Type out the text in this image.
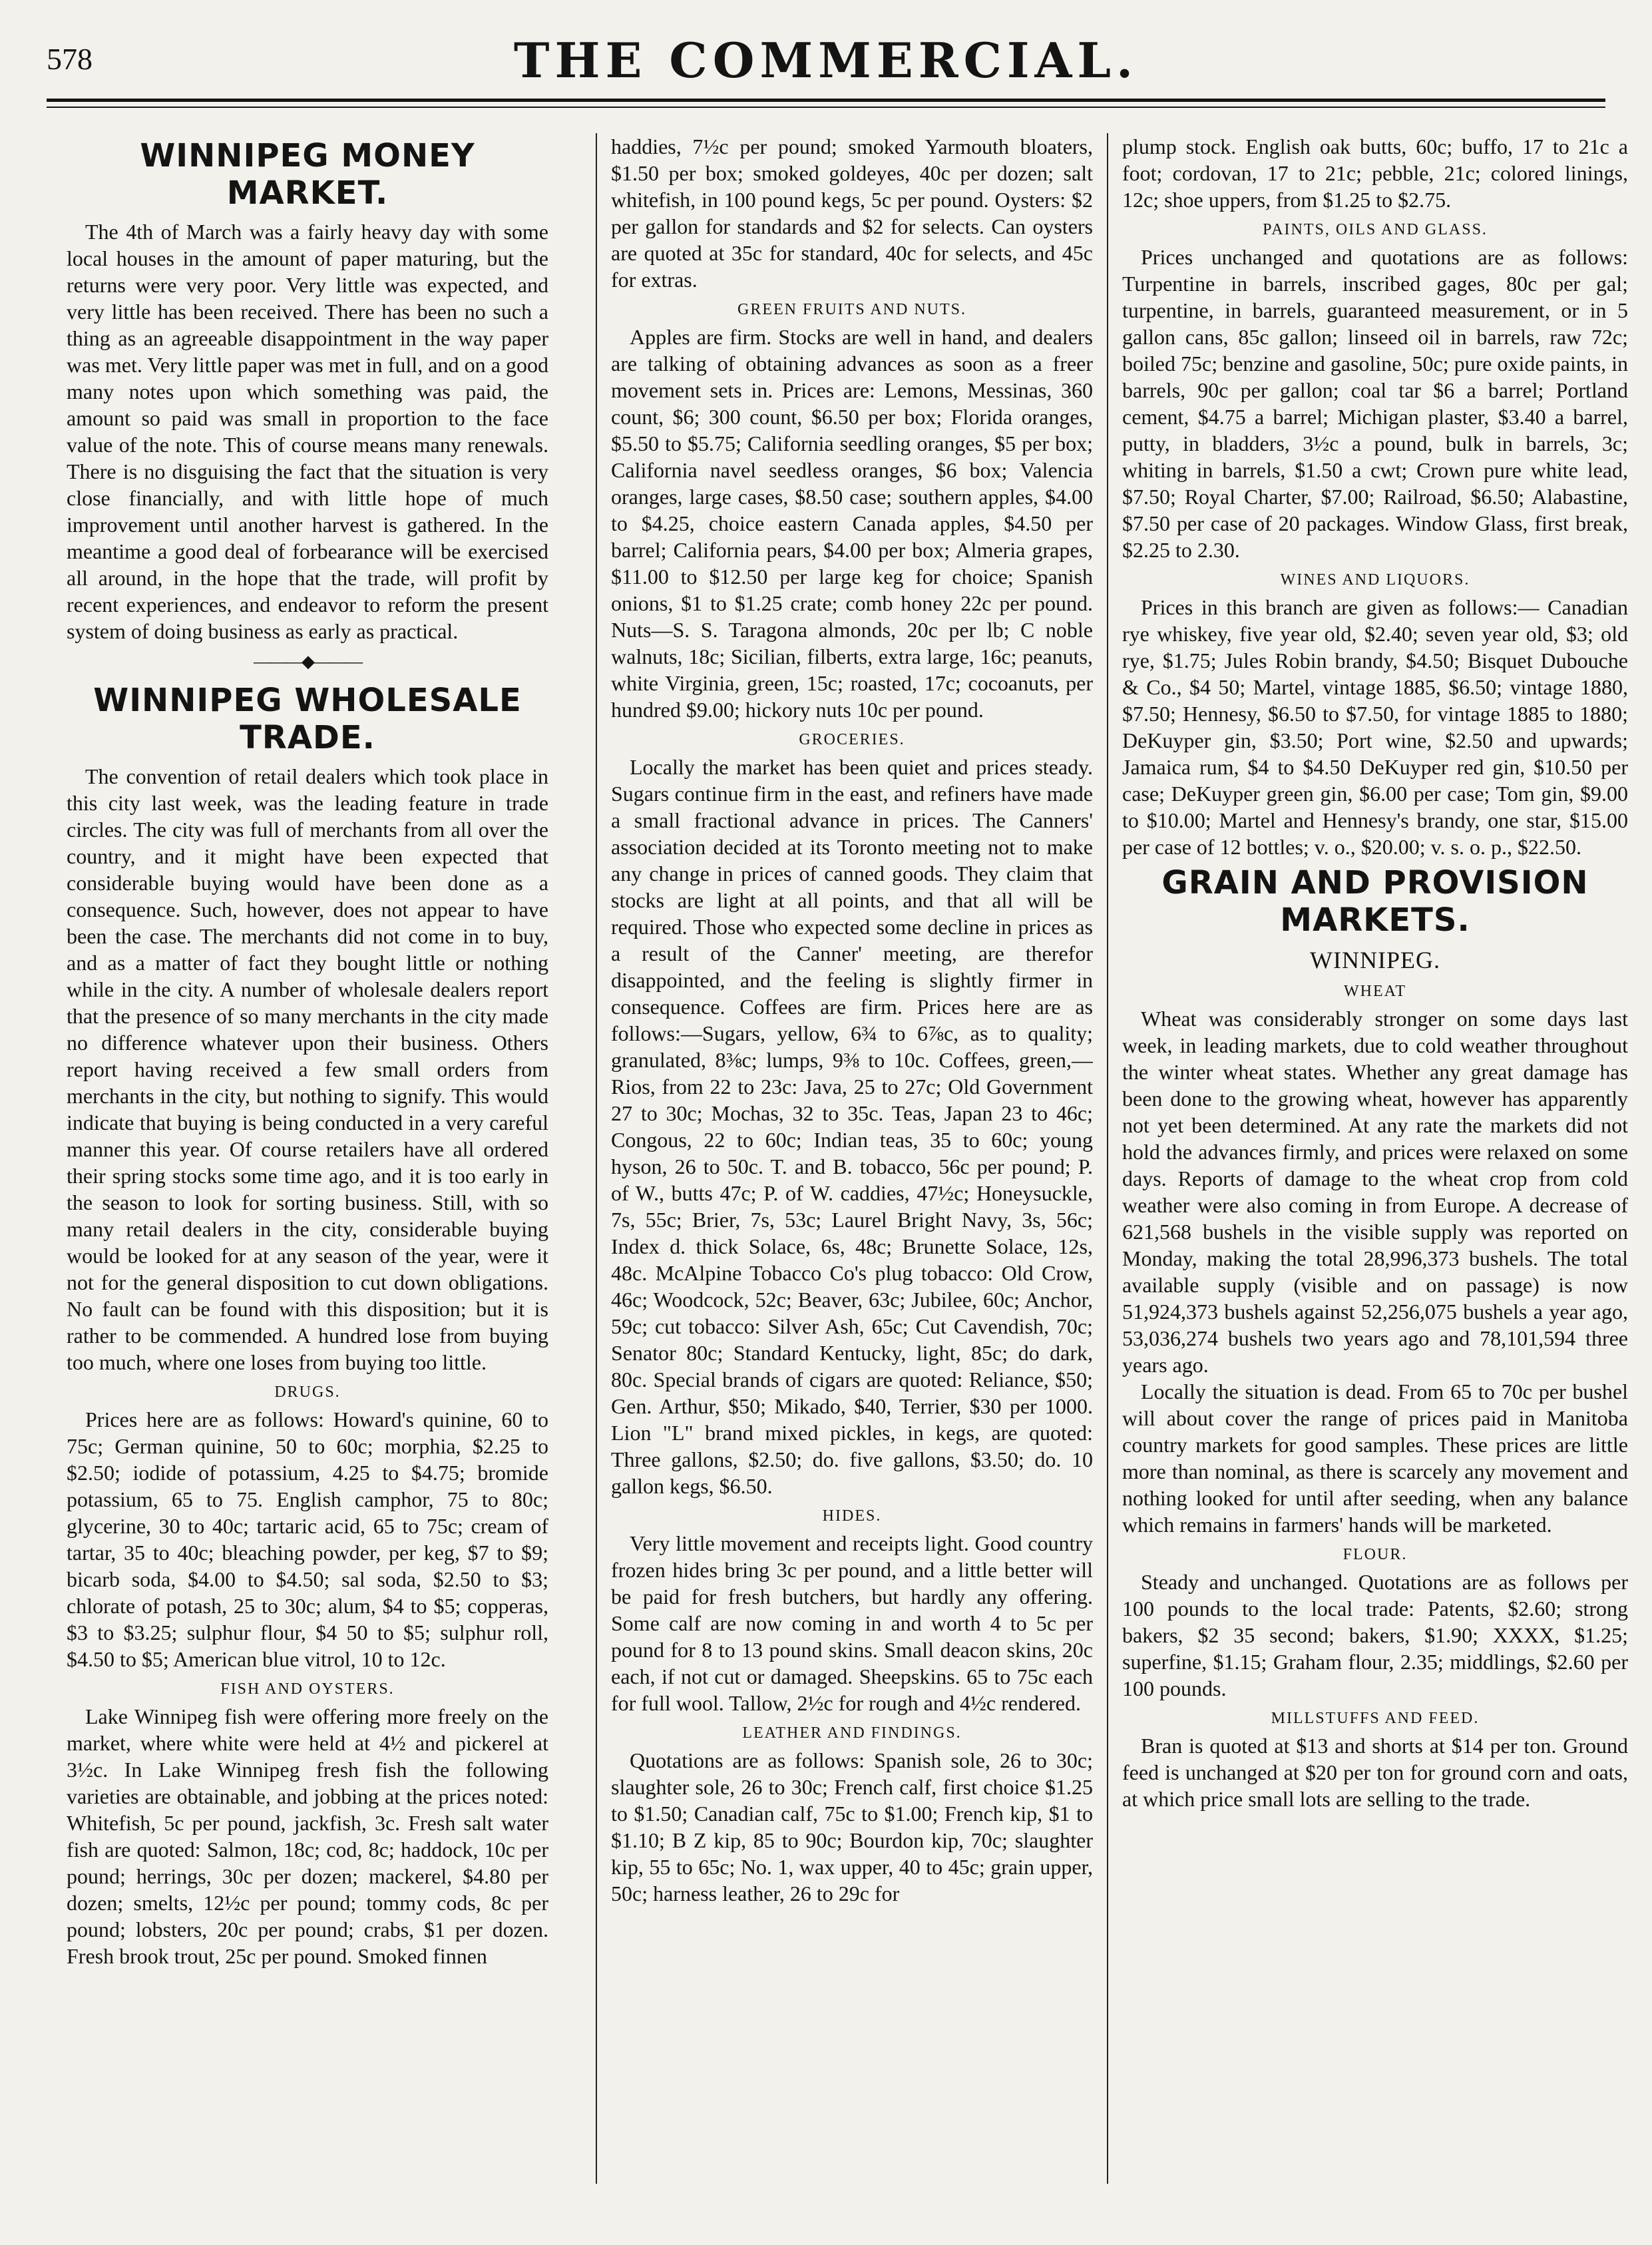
578	THE COMMERCIAL.
WINNIPEG MONEY MARKET.

The 4th of March was a fairly heavy day with some local houses in the amount of paper maturing, but the returns were very poor. Very little was expected, and very little has been received. There has been no such a thing as an agreeable disappointment in the way paper was met. Very little paper was met in full, and on a good many notes upon which something was paid, the amount so paid was small in proportion to the face value of the note. This of course means many renewals. There is no disguising the fact that the situation is very close financially, and with little hope of much improvement until another harvest is gathered. In the meantime a good deal of forbearance will be exercised all around, in the hope that the trade, will profit by recent experiences, and endeavor to reform the present system of doing business as early as practical.

———◆———
WINNIPEG WHOLESALE TRADE.

The convention of retail dealers which took place in this city last week, was the leading feature in trade circles. The city was full of merchants from all over the country, and it might have been expected that considerable buying would have been done as a consequence. Such, however, does not appear to have been the case. The merchants did not come in to buy, and as a matter of fact they bought little or nothing while in the city. A number of wholesale dealers report that the presence of so many merchants in the city made no difference whatever upon their business. Others report having received a few small orders from merchants in the city, but nothing to signify. This would indicate that buying is being conducted in a very careful manner this year. Of course retailers have all ordered their spring stocks some time ago, and it is too early in the season to look for sorting business. Still, with so many retail dealers in the city, considerable buying would be looked for at any season of the year, were it not for the general disposition to cut down obligations. No fault can be found with this disposition; but it is rather to be commended. A hundred lose from buying too much, where one loses from buying too little.

DRUGS.

Prices here are as follows: Howard's quinine, 60 to 75c; German quinine, 50 to 60c; morphia, $2.25 to $2.50; iodide of potassium, 4.25 to $4.75; bromide potassium, 65 to 75. English camphor, 75 to 80c; glycerine, 30 to 40c; tartaric acid, 65 to 75c; cream of tartar, 35 to 40c; bleaching powder, per keg, $7 to $9; bicarb soda, $4.00 to $4.50; sal soda, $2.50 to $3; chlorate of potash, 25 to 30c; alum, $4 to $5; copperas, $3 to $3.25; sulphur flour, $4 50 to $5; sulphur roll, $4.50 to $5; American blue vitrol, 10 to 12c.

FISH AND OYSTERS.

Lake Winnipeg fish were offering more freely on the market, where white were held at 4½ and pickerel at 3½c. In Lake Winnipeg fresh fish the following varieties are obtainable, and jobbing at the prices noted: Whitefish, 5c per pound, jackfish, 3c. Fresh salt water fish are quoted: Salmon, 18c; cod, 8c; haddock, 10c per pound; herrings, 30c per dozen; mackerel, $4.80 per dozen; smelts, 12½c per pound; tommy cods, 8c per pound; lobsters, 20c per pound; crabs, $1 per dozen. Fresh brook trout, 25c per pound. Smoked finnen

haddies, 7½c per pound; smoked Yarmouth bloaters, $1.50 per box; smoked goldeyes, 40c per dozen; salt whitefish, in 100 pound kegs, 5c per pound. Oysters: $2 per gallon for standards and $2 for selects. Can oysters are quoted at 35c for standard, 40c for selects, and 45c for extras.

GREEN FRUITS AND NUTS.

Apples are firm. Stocks are well in hand, and dealers are talking of obtaining advances as soon as a freer movement sets in. Prices are: Lemons, Messinas, 360 count, $6; 300 count, $6.50 per box; Florida oranges, $5.50 to $5.75; California seedling oranges, $5 per box; California navel seedless oranges, $6 box; Valencia oranges, large cases, $8.50 case; southern apples, $4.00 to $4.25, choice eastern Canada apples, $4.50 per barrel; California pears, $4.00 per box; Almeria grapes, $11.00 to $12.50 per large keg for choice; Spanish onions, $1 to $1.25 crate; comb honey 22c per pound. Nuts—S. S. Taragona almonds, 20c per lb; C noble walnuts, 18c; Sicilian, filberts, extra large, 16c; peanuts, white Virginia, green, 15c; roasted, 17c; cocoanuts, per hundred $9.00; hickory nuts 10c per pound.

GROCERIES.

Locally the market has been quiet and prices steady. Sugars continue firm in the east, and refiners have made a small fractional advance in prices. The Canners' association decided at its Toronto meeting not to make any change in prices of canned goods. They claim that stocks are light at all points, and that all will be required. Those who expected some decline in prices as a result of the Canner' meeting, are therefor disappointed, and the feeling is slightly firmer in consequence. Coffees are firm. Prices here are as follows:—Sugars, yellow, 6¾ to 6⅞c, as to quality; granulated, 8⅜c; lumps, 9⅜ to 10c. Coffees, green,—Rios, from 22 to 23c: Java, 25 to 27c; Old Government 27 to 30c; Mochas, 32 to 35c. Teas, Japan 23 to 46c; Congous, 22 to 60c; Indian teas, 35 to 60c; young hyson, 26 to 50c. T. and B. tobacco, 56c per pound; P. of W., butts 47c; P. of W. caddies, 47½c; Honeysuckle, 7s, 55c; Brier, 7s, 53c; Laurel Bright Navy, 3s, 56c; Index d. thick Solace, 6s, 48c; Brunette Solace, 12s, 48c. McAlpine Tobacco Co's plug tobacco: Old Crow, 46c; Woodcock, 52c; Beaver, 63c; Jubilee, 60c; Anchor, 59c; cut tobacco: Silver Ash, 65c; Cut Cavendish, 70c; Senator 80c; Standard Kentucky, light, 85c; do dark, 80c. Special brands of cigars are quoted: Reliance, $50; Gen. Arthur, $50; Mikado, $40, Terrier, $30 per 1000. Lion "L" brand mixed pickles, in kegs, are quoted: Three gallons, $2.50; do. five gallons, $3.50; do. 10 gallon kegs, $6.50.

HIDES.

Very little movement and receipts light. Good country frozen hides bring 3c per pound, and a little better will be paid for fresh butchers, but hardly any offering. Some calf are now coming in and worth 4 to 5c per pound for 8 to 13 pound skins. Small deacon skins, 20c each, if not cut or damaged. Sheepskins. 65 to 75c each for full wool. Tallow, 2½c for rough and 4½c rendered.

LEATHER AND FINDINGS.

Quotations are as follows: Spanish sole, 26 to 30c; slaughter sole, 26 to 30c; French calf, first choice $1.25 to $1.50; Canadian calf, 75c to $1.00; French kip, $1 to $1.10; B Z kip, 85 to 90c; Bourdon kip, 70c; slaughter kip, 55 to 65c; No. 1, wax upper, 40 to 45c; grain upper, 50c; harness leather, 26 to 29c for

plump stock. English oak butts, 60c; buffo, 17 to 21c a foot; cordovan, 17 to 21c; pebble, 21c; colored linings, 12c; shoe uppers, from $1.25 to $2.75.

PAINTS, OILS AND GLASS.

Prices unchanged and quotations are as follows: Turpentine in barrels, inscribed gages, 80c per gal; turpentine, in barrels, guaranteed measurement, or in 5 gallon cans, 85c gallon; linseed oil in barrels, raw 72c; boiled 75c; benzine and gasoline, 50c; pure oxide paints, in barrels, 90c per gallon; coal tar $6 a barrel; Portland cement, $4.75 a barrel; Michigan plaster, $3.40 a barrel, putty, in bladders, 3½c a pound, bulk in barrels, 3c; whiting in barrels, $1.50 a cwt; Crown pure white lead, $7.50; Royal Charter, $7.00; Railroad, $6.50; Alabastine, $7.50 per case of 20 packages. Window Glass, first break, $2.25 to 2.30.

WINES AND LIQUORS.

Prices in this branch are given as follows:— Canadian rye whiskey, five year old, $2.40; seven year old, $3; old rye, $1.75; Jules Robin brandy, $4.50; Bisquet Dubouche & Co., $4 50; Martel, vintage 1885, $6.50; vintage 1880, $7.50; Hennesy, $6.50 to $7.50, for vintage 1885 to 1880; DeKuyper gin, $3.50; Port wine, $2.50 and upwards; Jamaica rum, $4 to $4.50 DeKuyper red gin, $10.50 per case; DeKuyper green gin, $6.00 per case; Tom gin, $9.00 to $10.00; Martel and Hennesy's brandy, one star, $15.00 per case of 12 bottles; v. o., $20.00; v. s. o. p., $22.50.

GRAIN AND PROVISION MARKETS.
WINNIPEG.
WHEAT

Wheat was considerably stronger on some days last week, in leading markets, due to cold weather throughout the winter wheat states. Whether any great damage has been done to the growing wheat, however has apparently not yet been determined. At any rate the markets did not hold the advances firmly, and prices were relaxed on some days. Reports of damage to the wheat crop from cold weather were also coming in from Europe. A decrease of 621,568 bushels in the visible supply was reported on Monday, making the total 28,996,373 bushels. The total available supply (visible and on passage) is now 51,924,373 bushels against 52,256,075 bushels a year ago, 53,036,274 bushels two years ago and 78,101,594 three years ago.

Locally the situation is dead. From 65 to 70c per bushel will about cover the range of prices paid in Manitoba country markets for good samples. These prices are little more than nominal, as there is scarcely any movement and nothing looked for until after seeding, when any balance which remains in farmers' hands will be marketed.

FLOUR.

Steady and unchanged. Quotations are as follows per 100 pounds to the local trade: Patents, $2.60; strong bakers, $2 35 second; bakers, $1.90; XXXX, $1.25; superfine, $1.15; Graham flour, 2.35; middlings, $2.60 per 100 pounds.

MILLSTUFFS AND FEED.

Bran is quoted at $13 and shorts at $14 per ton. Ground feed is unchanged at $20 per ton for ground corn and oats, at which price small lots are selling to the trade.
